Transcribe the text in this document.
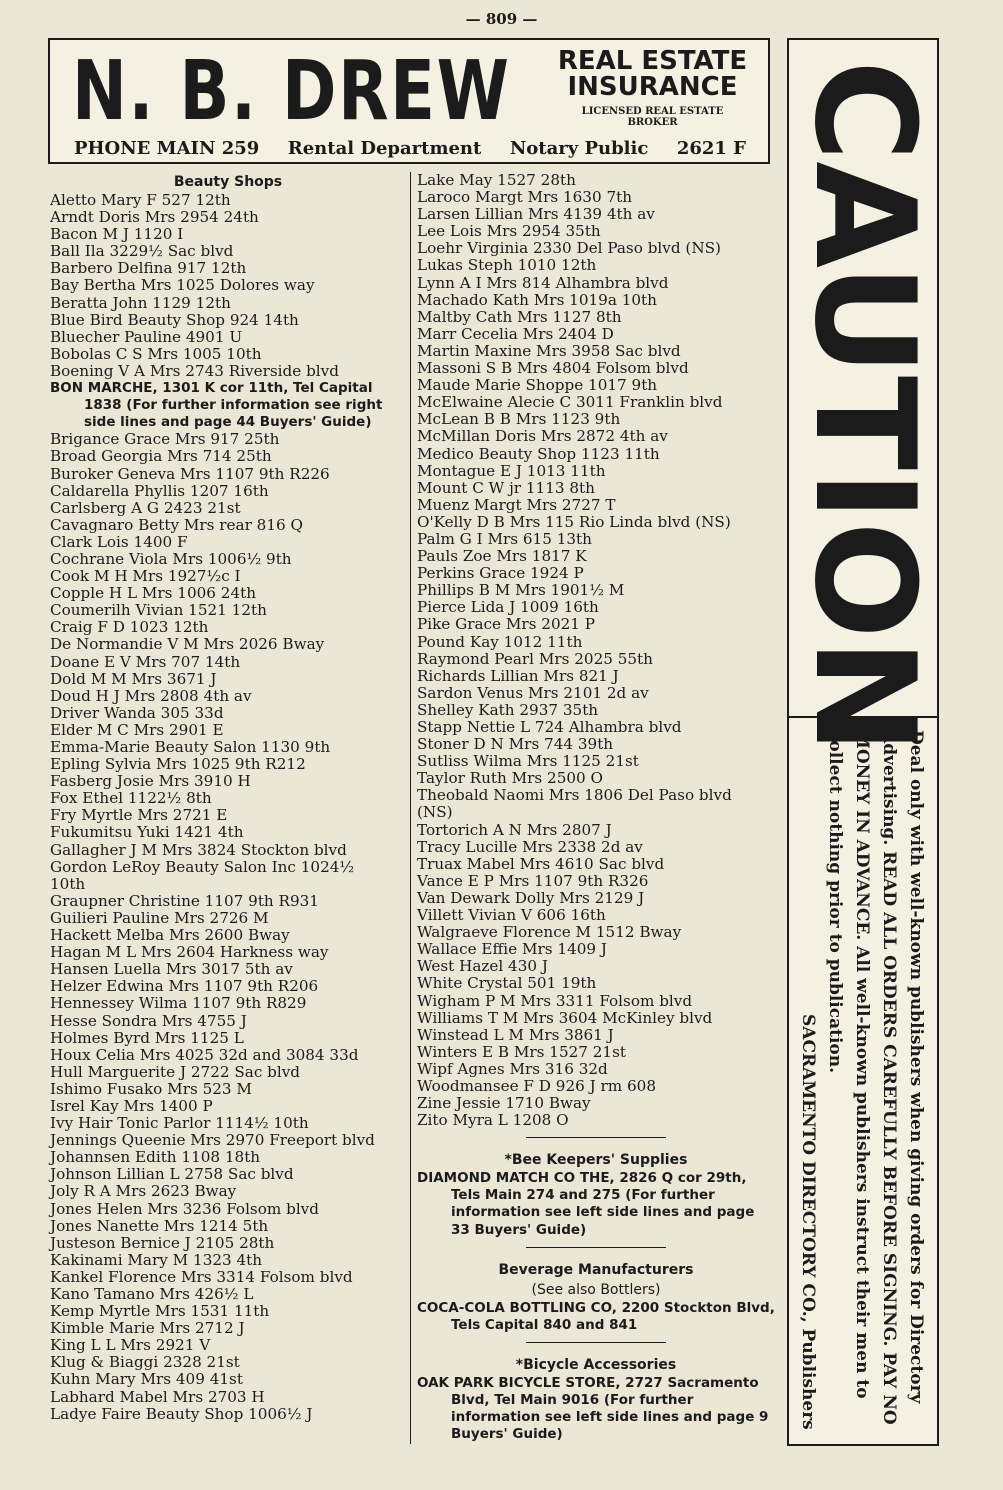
— 809 —
N. B. DREW REAL ESTATE
INSURANCE
LICENSED REAL ESTATE BROKER
PHONE MAIN 259 Rental Department Notary Public 2621 F CAUTION
Deal only with well-known publishers when giving orders for Directory Advertising. READ ALL ORDERS CAREFULLY BEFORE SIGNING. PAY NO MONEY IN ADVANCE. All well-known publishers instruct their men to collect nothing prior to publication.
SACRAMENTO DIRECTORY CO., Publishers
Beauty Shops
Aletto Mary F 527 12th
Arndt Doris Mrs 2954 24th
Bacon M J 1120 I
Ball Ila 3229½ Sac blvd
Barbero Delfina 917 12th
Bay Bertha Mrs 1025 Dolores way
Beratta John 1129 12th
Blue Bird Beauty Shop 924 14th
Bluecher Pauline 4901 U
Bobolas C S Mrs 1005 10th
Boening V A Mrs 2743 Riverside blvd
BON MARCHE, 1301 K cor 11th, Tel Capital 1838 (For further information see right side lines and page 44 Buyers' Guide)
Brigance Grace Mrs 917 25th
Broad Georgia Mrs 714 25th
Buroker Geneva Mrs 1107 9th R226
Caldarella Phyllis 1207 16th
Carlsberg A G 2423 21st
Cavagnaro Betty Mrs rear 816 Q
Clark Lois 1400 F
Cochrane Viola Mrs 1006½ 9th
Cook M H Mrs 1927½c I
Copple H L Mrs 1006 24th
Coumerilh Vivian 1521 12th
Craig F D 1023 12th
De Normandie V M Mrs 2026 Bway
Doane E V Mrs 707 14th
Dold M M Mrs 3671 J
Doud H J Mrs 2808 4th av
Driver Wanda 305 33d
Elder M C Mrs 2901 E
Emma-Marie Beauty Salon 1130 9th
Epling Sylvia Mrs 1025 9th R212
Fasberg Josie Mrs 3910 H
Fox Ethel 1122½ 8th
Fry Myrtle Mrs 2721 E
Fukumitsu Yuki 1421 4th
Gallagher J M Mrs 3824 Stockton blvd
Gordon LeRoy Beauty Salon Inc 1024½
10th
Graupner Christine 1107 9th R931
Guilieri Pauline Mrs 2726 M
Hackett Melba Mrs 2600 Bway
Hagan M L Mrs 2604 Harkness way
Hansen Luella Mrs 3017 5th av
Helzer Edwina Mrs 1107 9th R206
Hennessey Wilma 1107 9th R829
Hesse Sondra Mrs 4755 J
Holmes Byrd Mrs 1125 L
Houx Celia Mrs 4025 32d and 3084 33d
Hull Marguerite J 2722 Sac blvd
Ishimo Fusako Mrs 523 M
Isrel Kay Mrs 1400 P
Ivy Hair Tonic Parlor 1114½ 10th
Jennings Queenie Mrs 2970 Freeport blvd
Johannsen Edith 1108 18th
Johnson Lillian L 2758 Sac blvd
Joly R A Mrs 2623 Bway
Jones Helen Mrs 3236 Folsom blvd
Jones Nanette Mrs 1214 5th
Justeson Bernice J 2105 28th
Kakinami Mary M 1323 4th
Kankel Florence Mrs 3314 Folsom blvd
Kano Tamano Mrs 426½ L
Kemp Myrtle Mrs 1531 11th
Kimble Marie Mrs 2712 J
King L L Mrs 2921 V
Klug & Biaggi 2328 21st
Kuhn Mary Mrs 409 41st
Labhard Mabel Mrs 2703 H
Ladye Faire Beauty Shop 1006½ J
Lake May 1527 28th
Laroco Margt Mrs 1630 7th
Larsen Lillian Mrs 4139 4th av
Lee Lois Mrs 2954 35th
Loehr Virginia 2330 Del Paso blvd (NS)
Lukas Steph 1010 12th
Lynn A I Mrs 814 Alhambra blvd
Machado Kath Mrs 1019a 10th
Maltby Cath Mrs 1127 8th
Marr Cecelia Mrs 2404 D
Martin Maxine Mrs 3958 Sac blvd
Massoni S B Mrs 4804 Folsom blvd
Maude Marie Shoppe 1017 9th
McElwaine Alecie C 3011 Franklin blvd
McLean B B Mrs 1123 9th
McMillan Doris Mrs 2872 4th av
Medico Beauty Shop 1123 11th
Montague E J 1013 11th
Mount C W jr 1113 8th
Muenz Margt Mrs 2727 T
O'Kelly D B Mrs 115 Rio Linda blvd (NS)
Palm G I Mrs 615 13th
Pauls Zoe Mrs 1817 K
Perkins Grace 1924 P
Phillips B M Mrs 1901½ M
Pierce Lida J 1009 16th
Pike Grace Mrs 2021 P
Pound Kay 1012 11th
Raymond Pearl Mrs 2025 55th
Richards Lillian Mrs 821 J
Sardon Venus Mrs 2101 2d av
Shelley Kath 2937 35th
Stapp Nettie L 724 Alhambra blvd
Stoner D N Mrs 744 39th
Sutliss Wilma Mrs 1125 21st
Taylor Ruth Mrs 2500 O
Theobald Naomi Mrs 1806 Del Paso blvd
(NS)
Tortorich A N Mrs 2807 J
Tracy Lucille Mrs 2338 2d av
Truax Mabel Mrs 4610 Sac blvd
Vance E P Mrs 1107 9th R326
Van Dewark Dolly Mrs 2129 J
Villett Vivian V 606 16th
Walgraeve Florence M 1512 Bway
Wallace Effie Mrs 1409 J
West Hazel 430 J
White Crystal 501 19th
Wigham P M Mrs 3311 Folsom blvd
Williams T M Mrs 3604 McKinley blvd
Winstead L M Mrs 3861 J
Winters E B Mrs 1527 21st
Wipf Agnes Mrs 316 32d
Woodmansee F D 926 J rm 608
Zine Jessie 1710 Bway
Zito Myra L 1208 O
*Bee Keepers' Supplies
DIAMOND MATCH CO THE, 2826 Q cor 29th, Tels Main 274 and 275 (For further information see left side lines and page 33 Buyers' Guide)
Beverage Manufacturers
(See also Bottlers)
COCA-COLA BOTTLING CO, 2200 Stockton Blvd, Tels Capital 840 and 841
*Bicycle Accessories
OAK PARK BICYCLE STORE, 2727 Sacramento Blvd, Tel Main 9016 (For further information see left side lines and page 9 Buyers' Guide)
